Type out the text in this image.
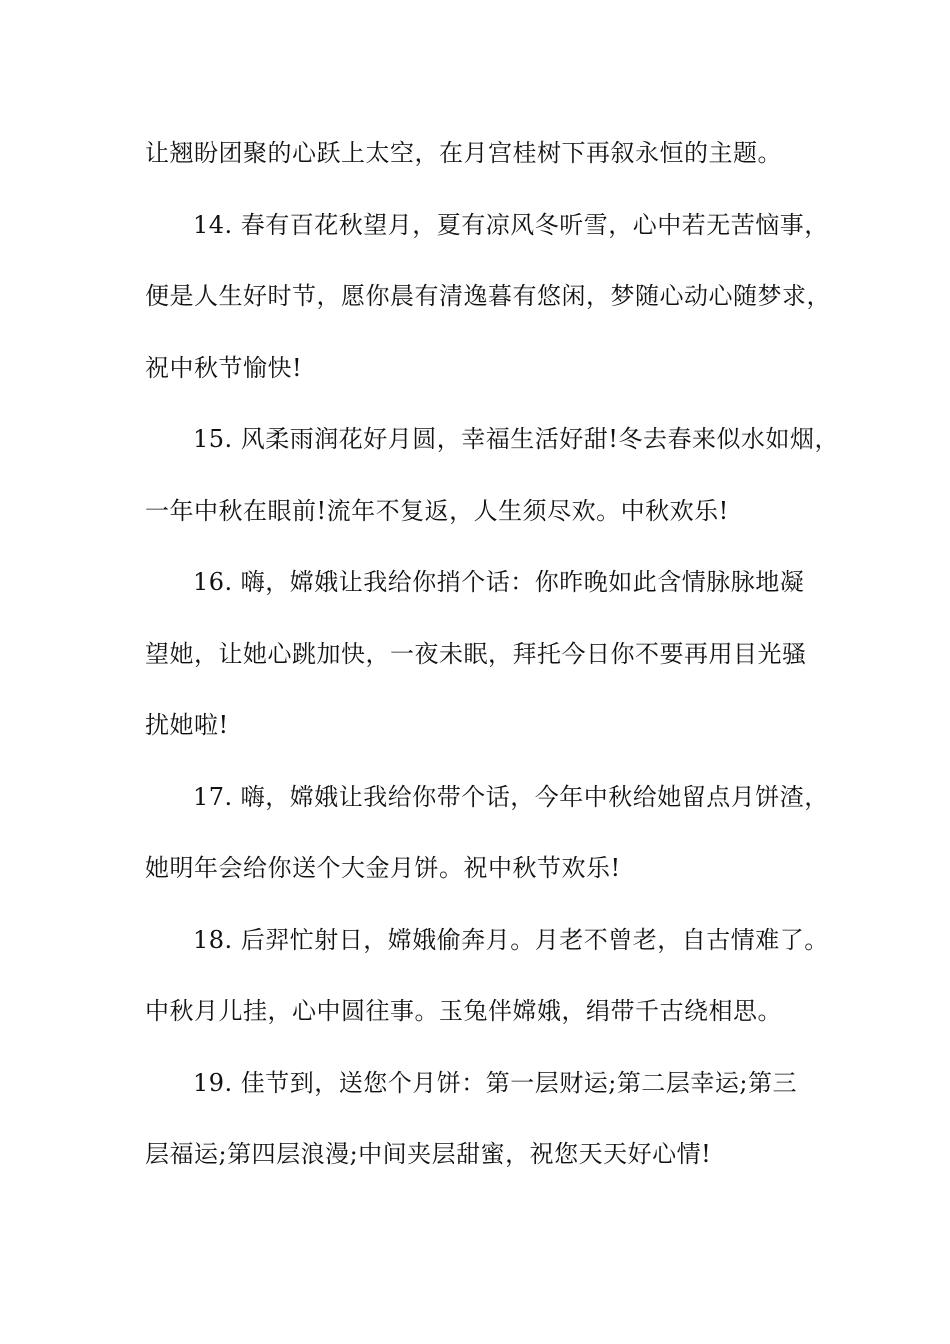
让翘盼团聚的心跃上太空，在月宫桂树下再叙永恒的主题。
14. 春有百花秋望月，夏有凉风冬听雪，心中若无苦恼事，
便是人生好时节，愿你晨有清逸暮有悠闲，梦随心动心随梦求，
祝中秋节愉快!
15. 风柔雨润花好月圆，幸福生活好甜!冬去春来似水如烟，
一年中秋在眼前!流年不复返，人生须尽欢。中秋欢乐!
16. 嗨，嫦娥让我给你捎个话：你昨晚如此含情脉脉地凝
望她，让她心跳加快，一夜未眠，拜托今日你不要再用目光骚
扰她啦!
17. 嗨，嫦娥让我给你带个话，今年中秋给她留点月饼渣，
她明年会给你送个大金月饼。祝中秋节欢乐!
18. 后羿忙射日，嫦娥偷奔月。月老不曾老，自古情难了。
中秋月儿挂，心中圆往事。玉兔伴嫦娥，绢带千古绕相思。
19. 佳节到，送您个月饼：第一层财运;第二层幸运;第三
层福运;第四层浪漫;中间夹层甜蜜，祝您天天好心情!
